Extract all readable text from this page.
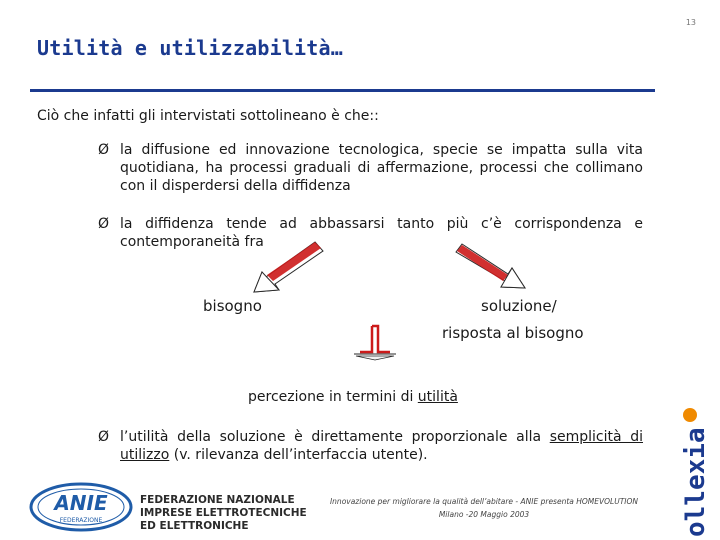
13
Utilità e utilizzabilità…
Ciò che infatti gli intervistati sottolineano è che::
Ø la diffusione ed innovazione tecnologica, specie se impatta sulla vita quotidiana, ha processi graduali di affermazione, processi che collimano con il disperdersi della diffidenza
Ø la diffidenza tende ad abbassarsi tanto più c’è corrispondenza e contemporaneità fra
bisogno	soluzione/
risposta al bisogno
percezione in termini di utilità
Ø l’utilità della soluzione è direttamente proporzionale alla semplicità di utilizzo (v. rilevanza dell’interfaccia utente).
ANIE
FEDERAZIONE
FEDERAZIONE NAZIONALE
IMPRESE ELETTROTECNICHE
ED ELETTRONICHE
Innovazione per migliorare la qualità dell’abitare - ANIE presenta HOMEVOLUTION
Milano -20 Maggio 2003	ollexia
